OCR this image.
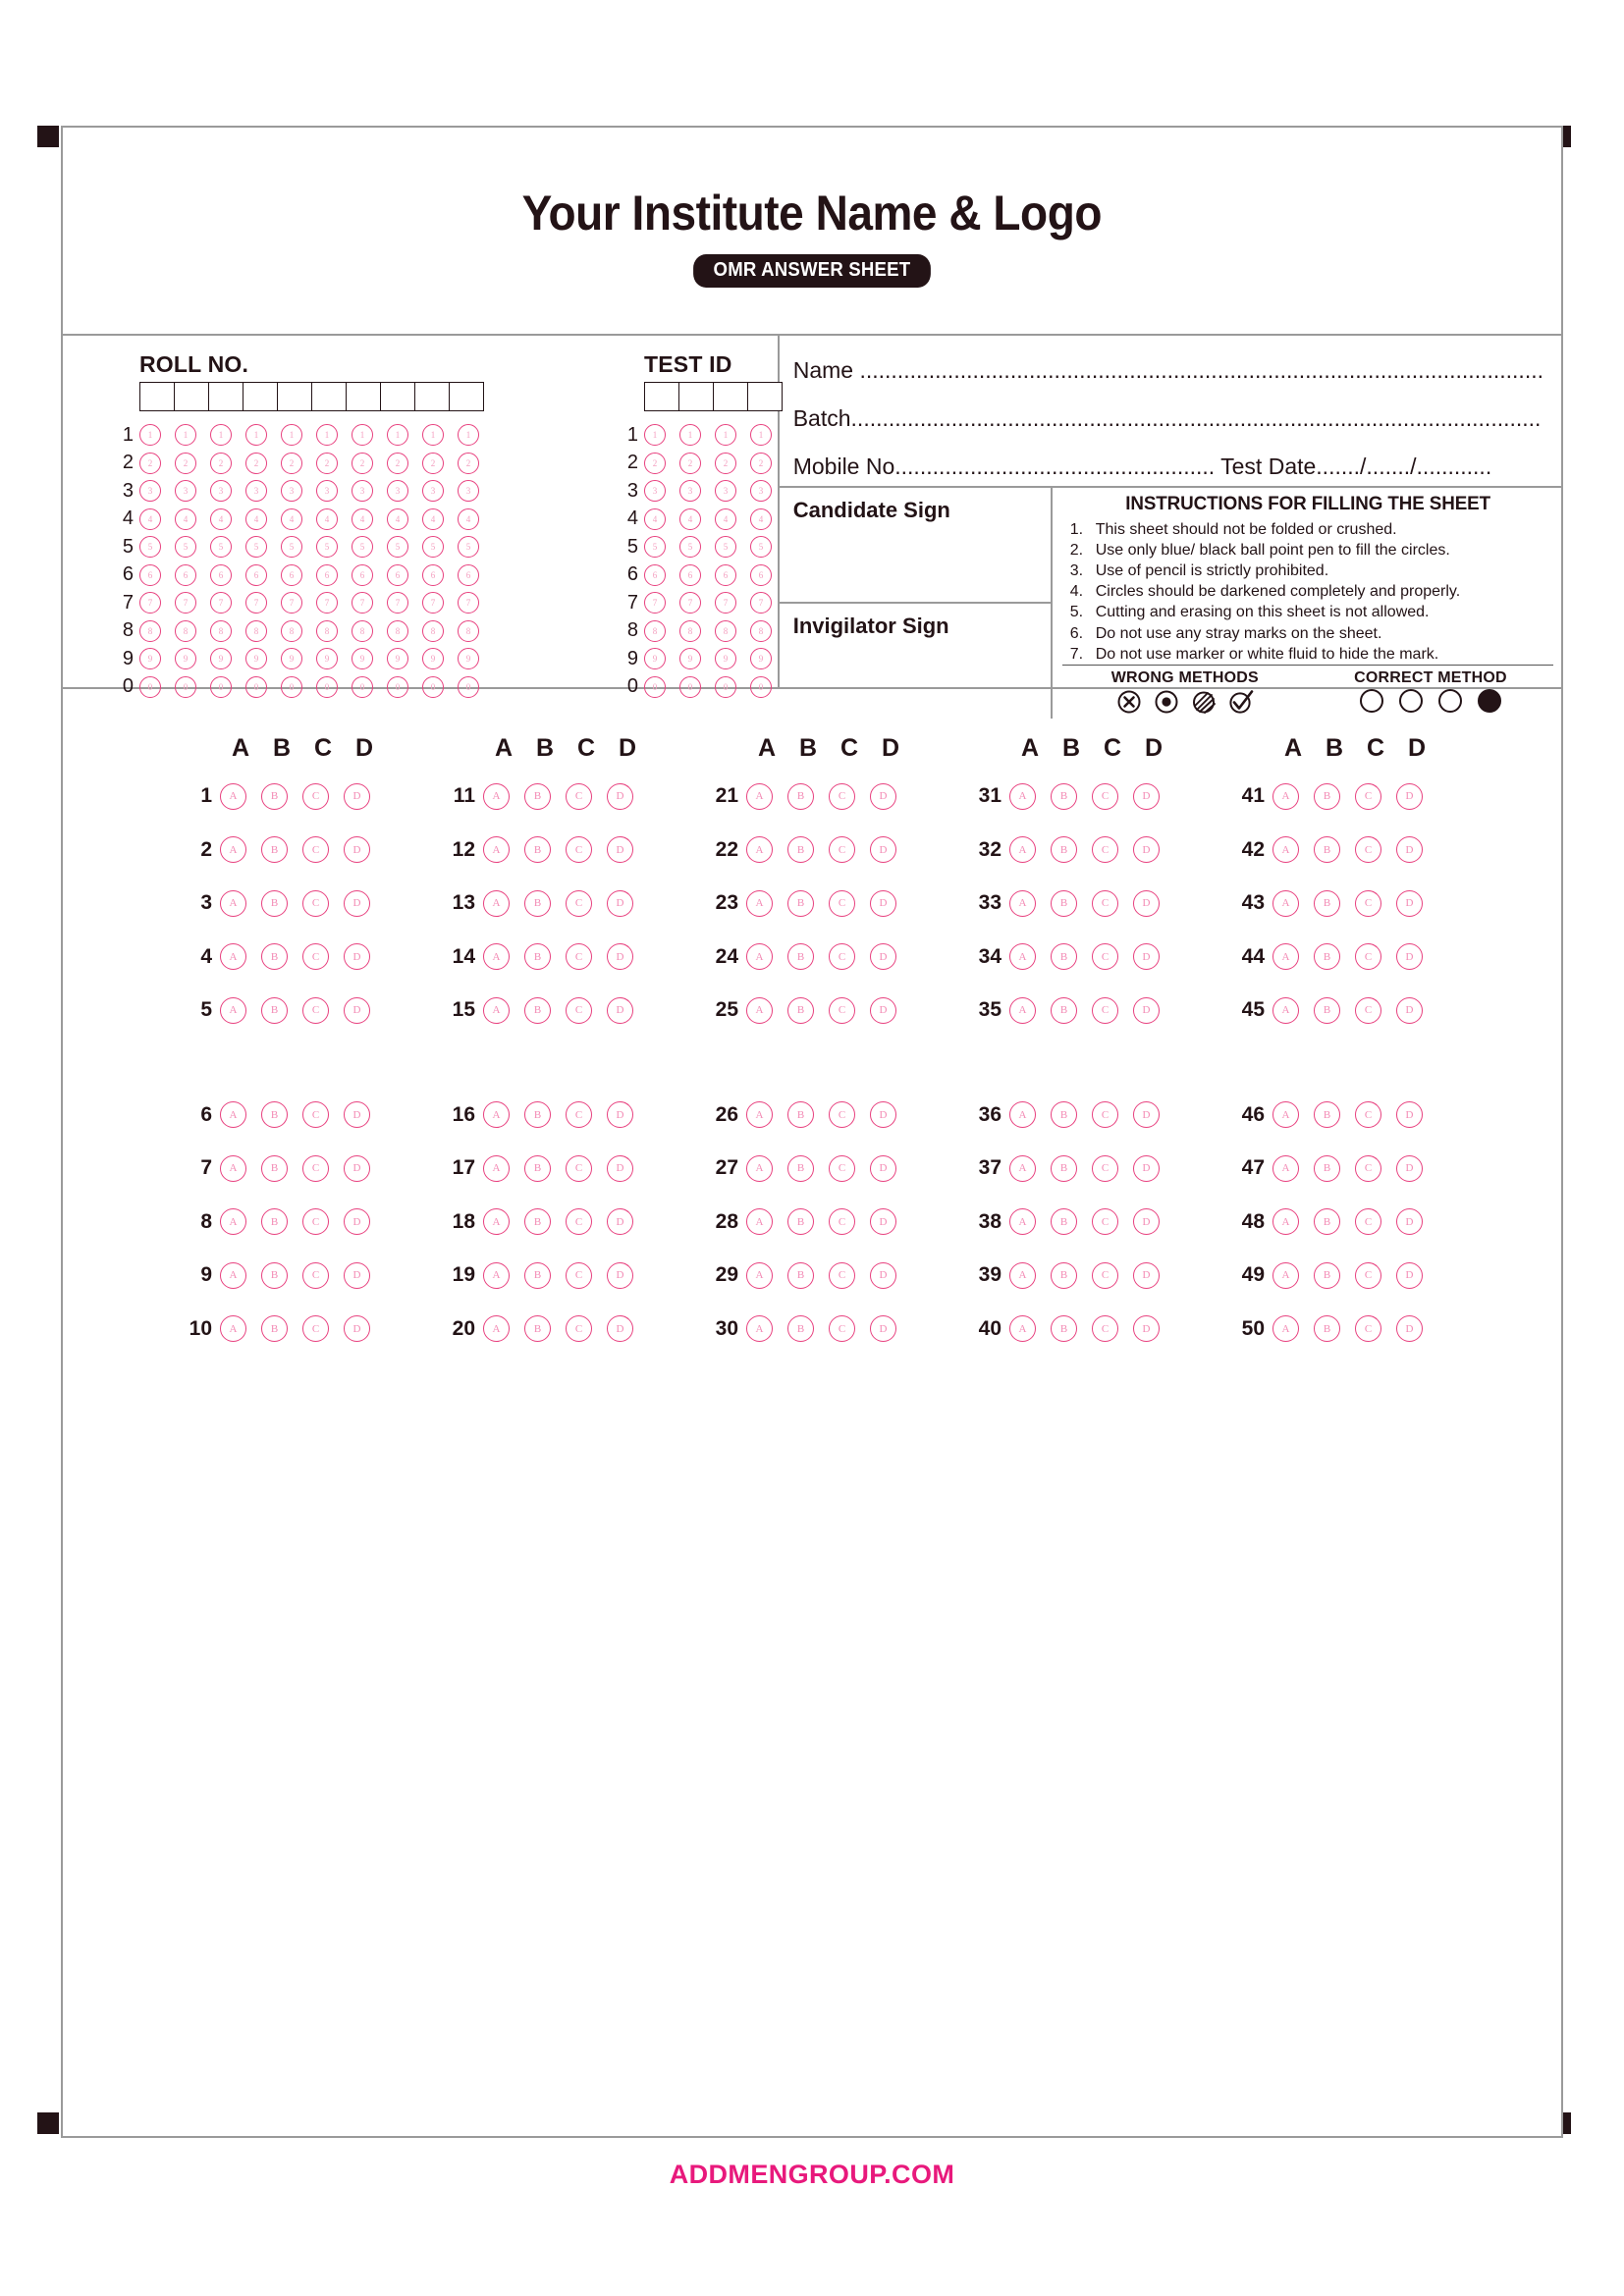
Your Institute Name & Logo
OMR ANSWER SHEET
ROLL NO.
1	1	1	1	1	1	1	1	1	1	1
2	2	2	2	2	2	2	2	2	2	2
3	3	3	3	3	3	3	3	3	3	3
4	4	4	4	4	4	4	4	4	4	4
5	5	5	5	5	5	5	5	5	5	5
6	6	6	6	6	6	6	6	6	6	6
7	7	7	7	7	7	7	7	7	7	7
8	8	8	8	8	8	8	8	8	8	8
9	9	9	9	9	9	9	9	9	9	9
0	0	0	0	0	0	0	0	0	0	0
TEST ID
1	1	1	1	1
2	2	2	2	2
3	3	3	3	3
4	4	4	4	4
5	5	5	5	5
6	6	6	6	6
7	7	7	7	7
8	8	8	8	8
9	9	9	9	9
0	0	0	0	0
Name .............................................................................................................
Batch..............................................................................................................
Mobile No................................................... Test Date......./......./............
Candidate Sign
Invigilator Sign
INSTRUCTIONS FOR FILLING THE SHEET
1. This sheet should not be folded or crushed.
2. Use only blue/ black ball point pen to fill the circles.
3. Use of pencil is strictly prohibited.
4. Circles should be darkened completely and properly.
5. Cutting and erasing on this sheet is not allowed.
6. Do not use any stray marks on the sheet.
7. Do not use marker or white fluid to hide the mark.
WRONG METHODS	CORRECT METHOD
A B C D
1	A	B	C	D
2	A	B	C	D
3	A	B	C	D
4	A	B	C	D
5	A	B	C	D
6	A	B	C	D
7	A	B	C	D
8	A	B	C	D
9	A	B	C	D
10	A	B	C	D
A B C D
11	A	B	C	D
12	A	B	C	D
13	A	B	C	D
14	A	B	C	D
15	A	B	C	D
16	A	B	C	D
17	A	B	C	D
18	A	B	C	D
19	A	B	C	D
20	A	B	C	D
A B C D
21	A	B	C	D
22	A	B	C	D
23	A	B	C	D
24	A	B	C	D
25	A	B	C	D
26	A	B	C	D
27	A	B	C	D
28	A	B	C	D
29	A	B	C	D
30	A	B	C	D
A B C D
31	A	B	C	D
32	A	B	C	D
33	A	B	C	D
34	A	B	C	D
35	A	B	C	D
36	A	B	C	D
37	A	B	C	D
38	A	B	C	D
39	A	B	C	D
40	A	B	C	D
A B C D
41	A	B	C	D
42	A	B	C	D
43	A	B	C	D
44	A	B	C	D
45	A	B	C	D
46	A	B	C	D
47	A	B	C	D
48	A	B	C	D
49	A	B	C	D
50	A	B	C	D
ADDMENGROUP.COM
